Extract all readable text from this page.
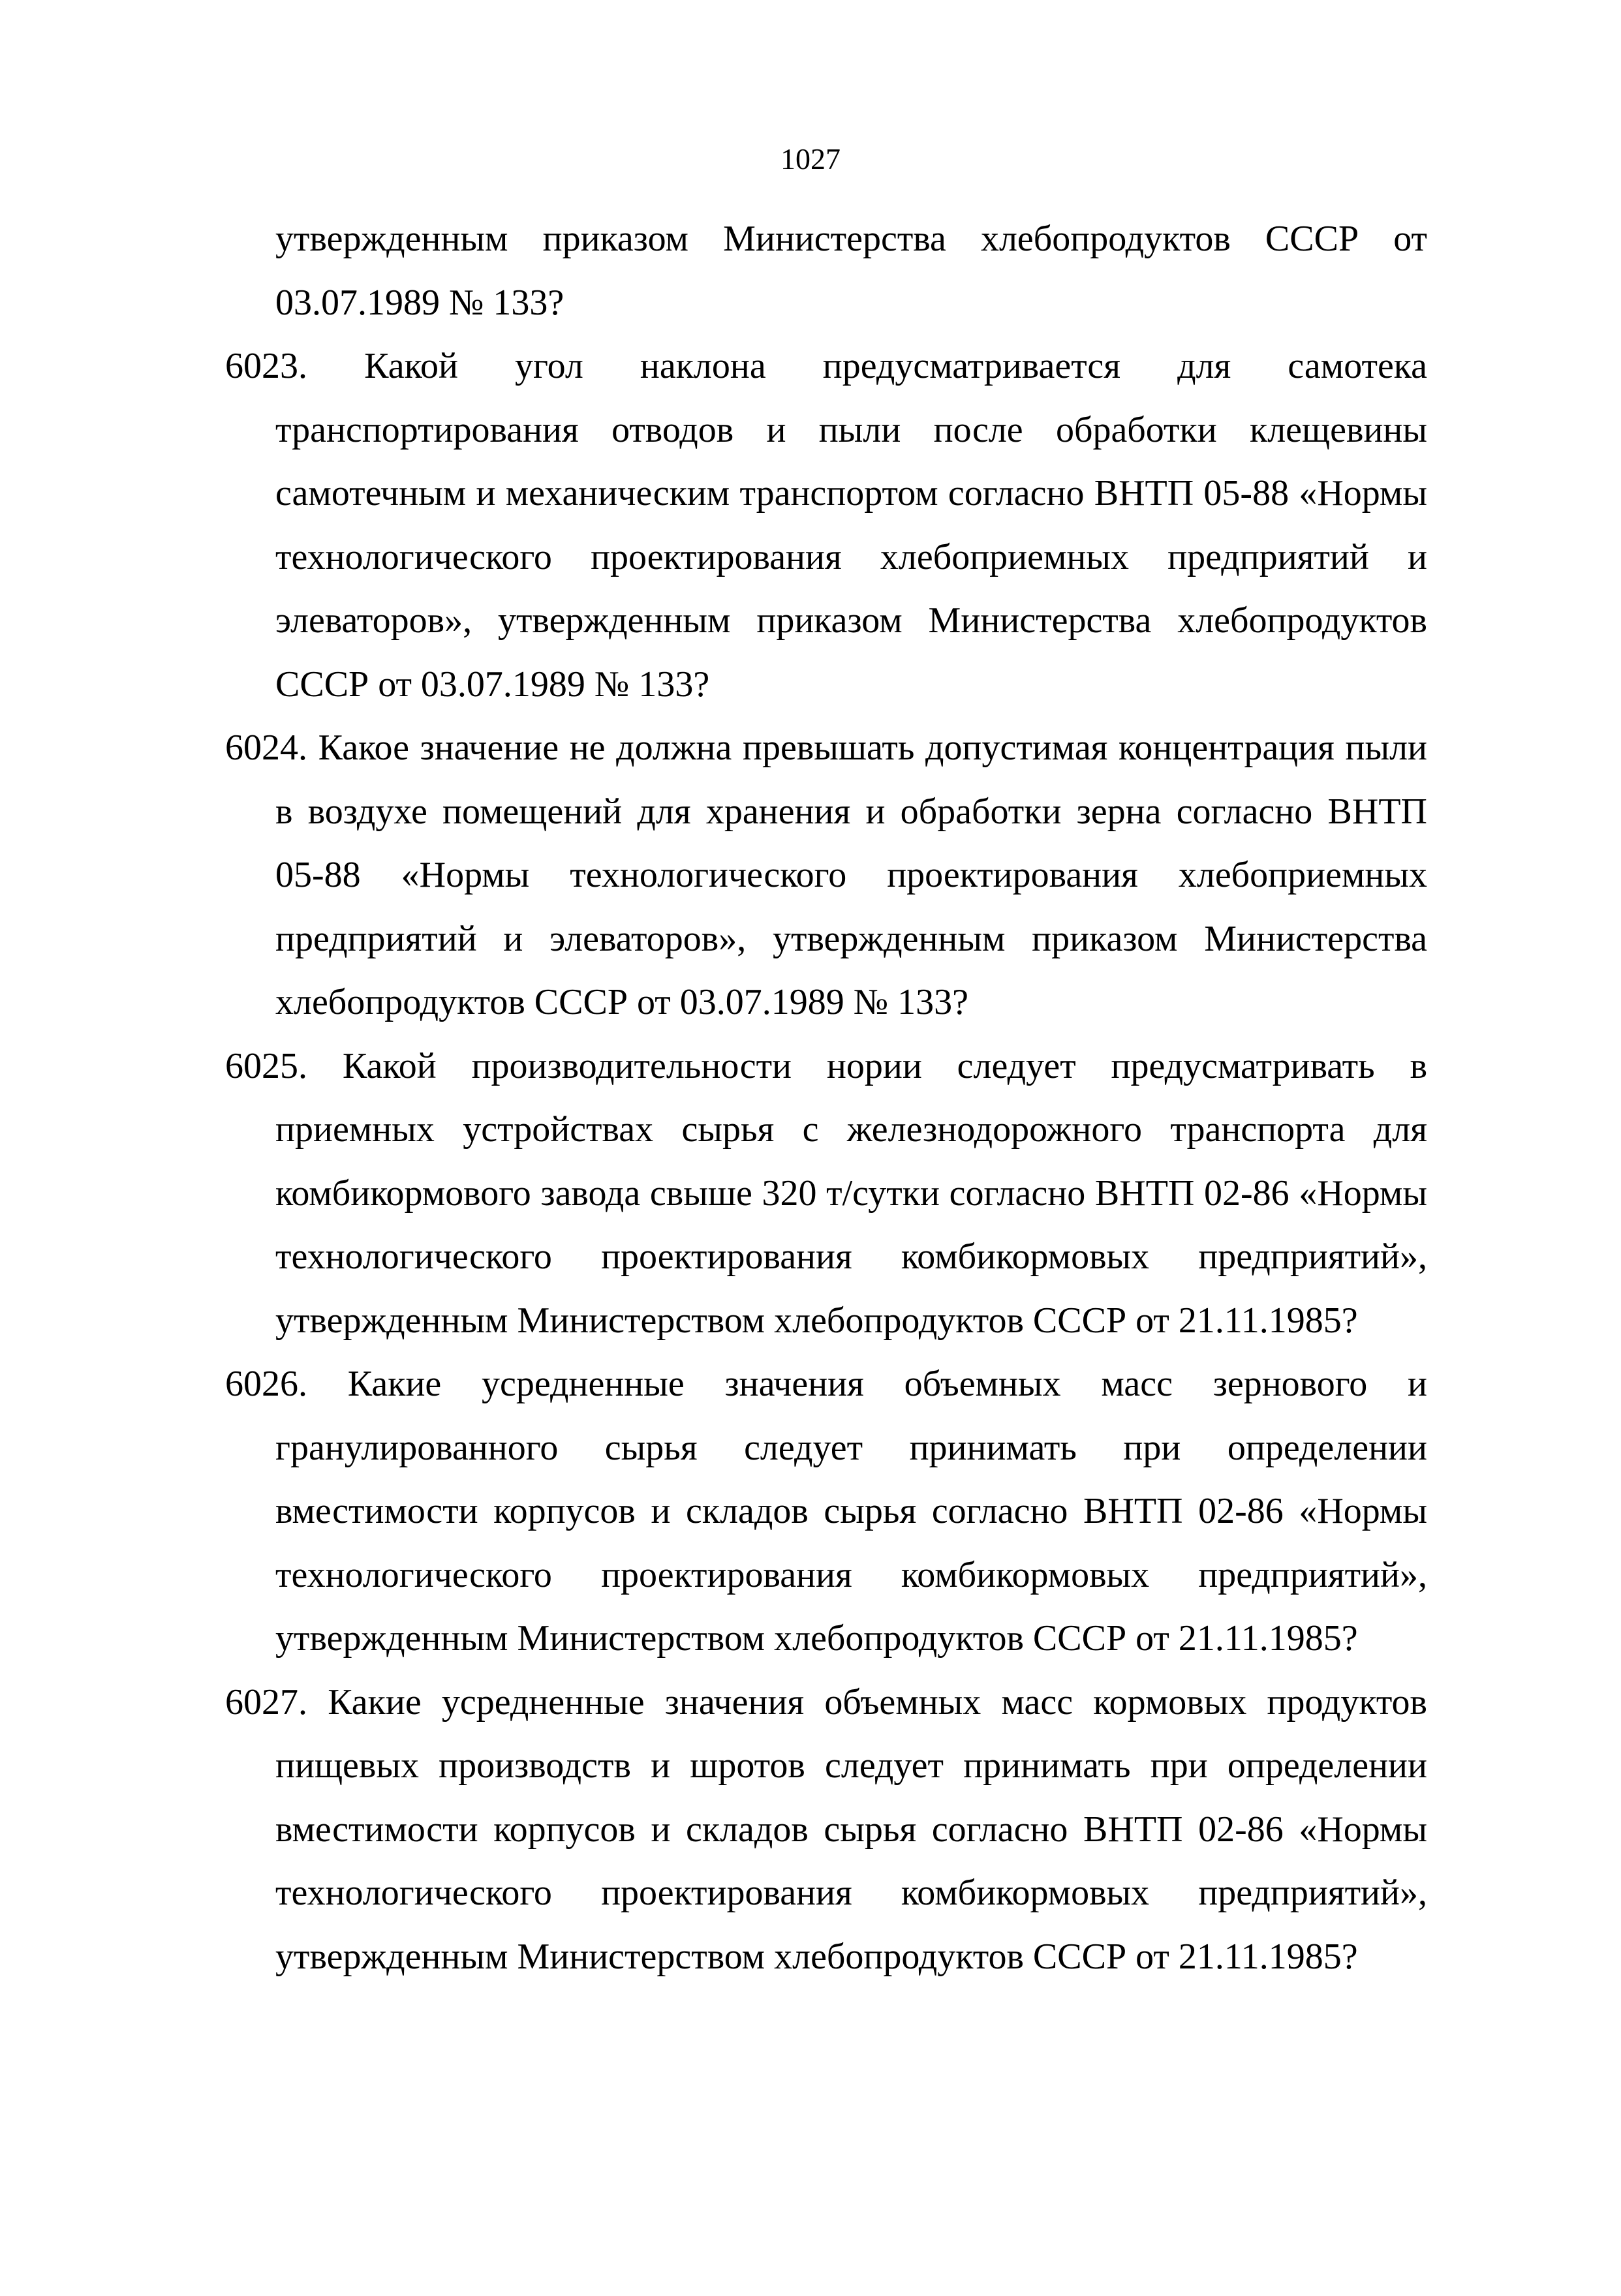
1027

утвержденным приказом Министерства хлебопродуктов СССР от 03.07.1989 № 133?

6023. Какой угол наклона предусматривается для самотека транспортирования отводов и пыли после обработки клещевины самотечным и механическим транспортом согласно ВНТП 05-88 «Нормы технологического проектирования хлебоприемных предприятий и элеваторов», утвержденным приказом Министерства хлебопродуктов СССР от 03.07.1989 № 133?

6024. Какое значение не должна превышать допустимая концентрация пыли в воздухе помещений для хранения и обработки зерна согласно ВНТП 05-88 «Нормы технологического проектирования хлебоприемных предприятий и элеваторов», утвержденным приказом Министерства хлебопродуктов СССР от 03.07.1989 № 133?

6025. Какой производительности нории следует предусматривать в приемных устройствах сырья с железнодорожного транспорта для комбикормового завода свыше 320 т/сутки согласно ВНТП 02-86 «Нормы технологического проектирования комбикормовых предприятий», утвержденным Министерством хлебопродуктов СССР от 21.11.1985?

6026. Какие усредненные значения объемных масс зернового и гранулированного сырья следует принимать при определении вместимости корпусов и складов сырья согласно ВНТП 02-86 «Нормы технологического проектирования комбикормовых предприятий», утвержденным Министерством хлебопродуктов СССР от 21.11.1985?

6027. Какие усредненные значения объемных масс кормовых продуктов пищевых производств и шротов следует принимать при определении вместимости корпусов и складов сырья согласно ВНТП 02-86 «Нормы технологического проектирования комбикормовых предприятий», утвержденным Министерством хлебопродуктов СССР от 21.11.1985?
